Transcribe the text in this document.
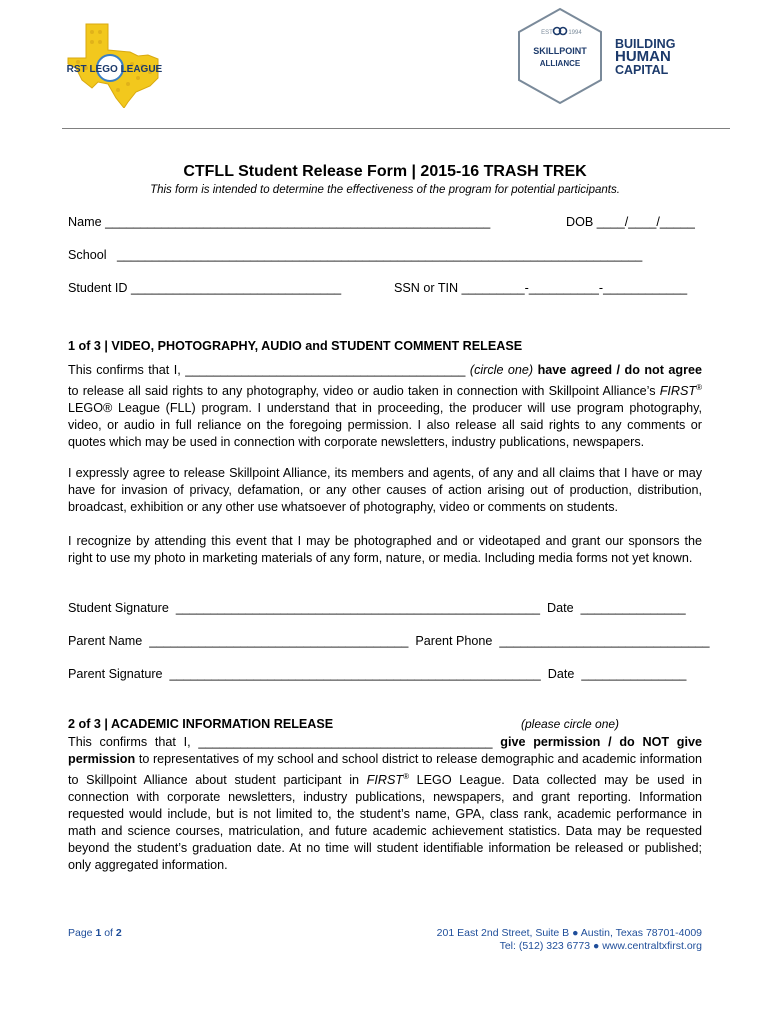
FIRST LEGO LEAGUE
EST	1994
SKILLPOINT
ALLIANCE
BUILDING
HUMAN
CAPITAL
CTFLL Student Release Form | 2015-16 TRASH TREK
This form is intended to determine the effectiveness of the program for potential participants.
Name _______________________________________________________	DOB ____/____/_____
School   ___________________________________________________________________________
Student ID ______________________________	SSN or TIN _________-__________-____________
1 of 3 | VIDEO, PHOTOGRAPHY, AUDIO and STUDENT COMMENT RELEASE
This confirms that I, ________________________________________ (circle one) have agreed / do not agree to release all said rights to any photography, video or audio taken in connection with Skillpoint Alliance’s FIRST® LEGO® League (FLL) program. I understand that in proceeding, the producer will use program photography, video, or audio in full reliance on the foregoing permission. I also release all said rights to any comments or quotes which may be used in connection with corporate newsletters, industry publications, newspapers.
I expressly agree to release Skillpoint Alliance, its members and agents, of any and all claims that I have or may have for invasion of privacy, defamation, or any other causes of action arising out of production, distribution, broadcast, exhibition or any other use whatsoever of photography, video or comments on students.
I recognize by attending this event that I may be photographed and or videotaped and grant our sponsors the right to use my photo in marketing materials of any form, nature, or media. Including media forms not yet known.
Student Signature  ____________________________________________________  Date  _______________
Parent Name  _____________________________________  Parent Phone  ______________________________
Parent Signature  _____________________________________________________  Date  _______________
2 of 3 | ACADEMIC INFORMATION RELEASE	(please circle one)
This confirms that I, __________________________________________ give permission / do NOT give permission to representatives of my school and school district to release demographic and academic information to Skillpoint Alliance about student participant in FIRST® LEGO League. Data collected may be used in connection with corporate newsletters, industry publications, newspapers, and grant reporting. Information requested would include, but is not limited to, the student’s name, GPA, class rank, academic performance in math and science courses, matriculation, and future academic achievement statistics. Data may be requested beyond the student’s graduation date. At no time will student identifiable information be released or published; only aggregated information.
Page 1 of 2	201 East 2nd Street, Suite B ● Austin, Texas 78701-4009
Tel: (512) 323 6773 ● www.centraltxfirst.org
